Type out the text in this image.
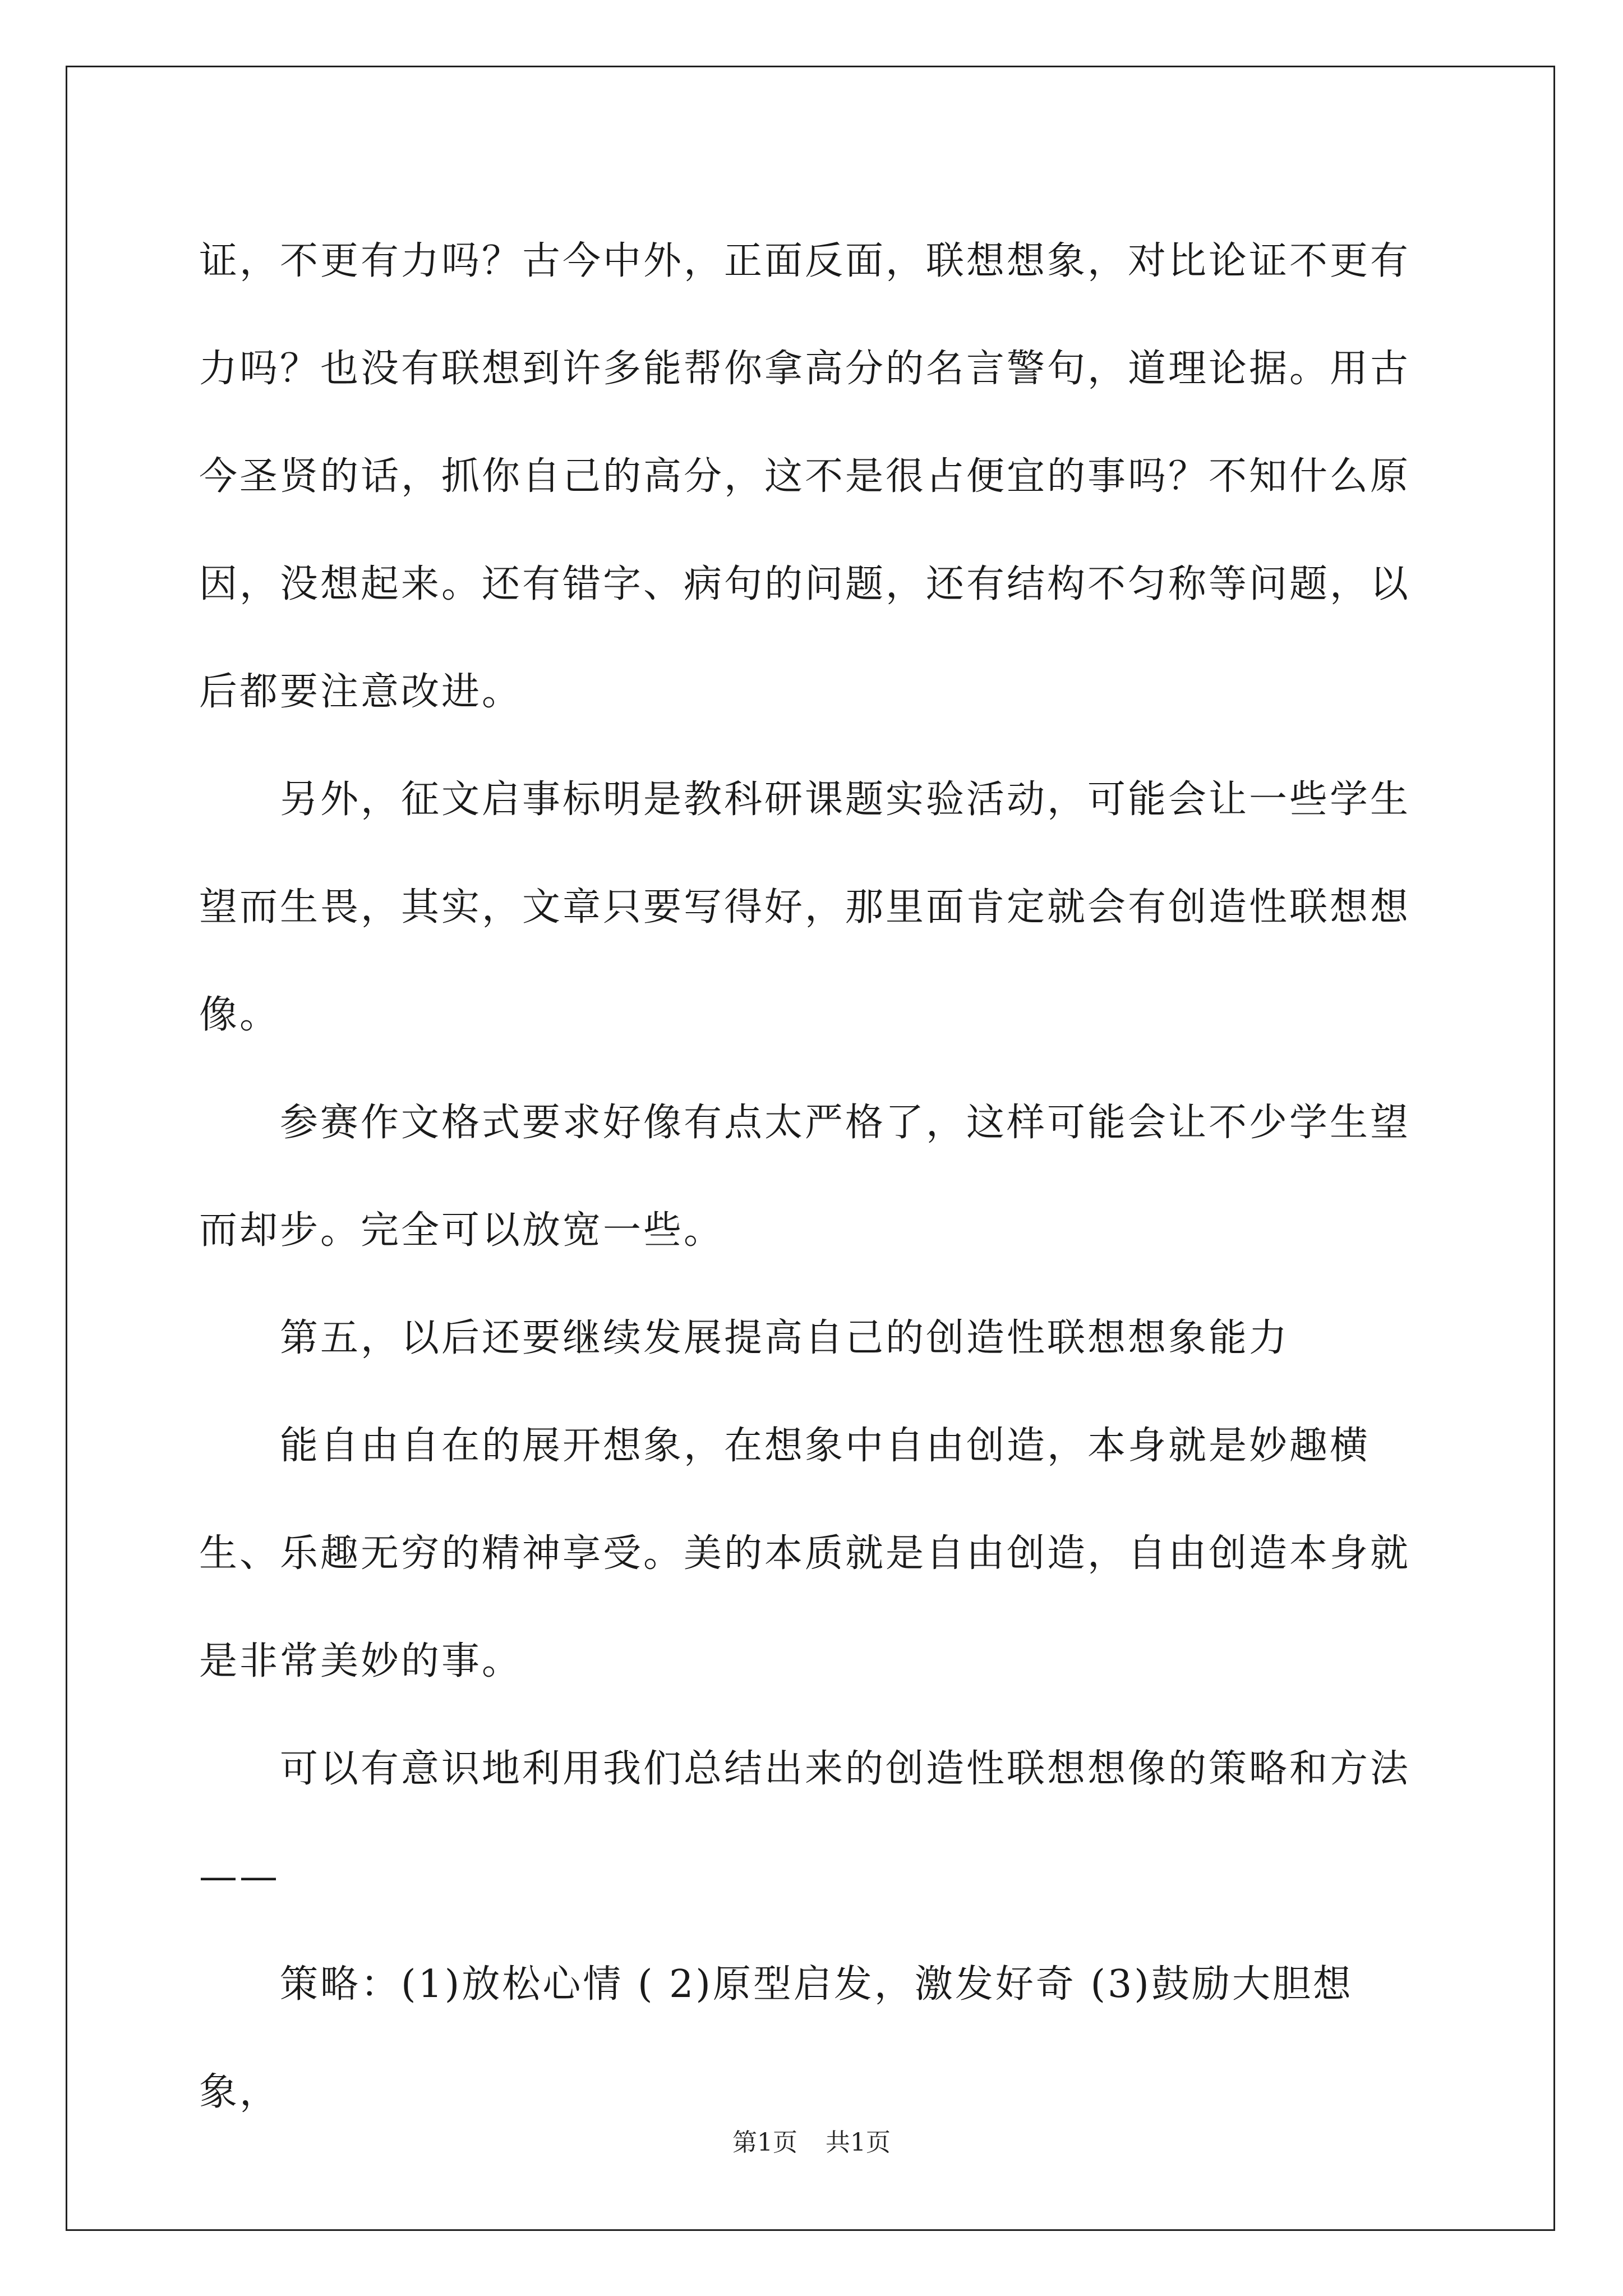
证，不更有力吗？古今中外，正面反面，联想想象，对比论证不更有力吗？也没有联想到许多能帮你拿高分的名言警句，道理论据。用古今圣贤的话，抓你自己的高分，这不是很占便宜的事吗？不知什么原因，没想起来。还有错字、病句的问题，还有结构不匀称等问题，以后都要注意改进。

另外，征文启事标明是教科研课题实验活动，可能会让一些学生望而生畏，其实，文章只要写得好，那里面肯定就会有创造性联想想像。

参赛作文格式要求好像有点太严格了，这样可能会让不少学生望而却步。完全可以放宽一些。

第五，以后还要继续发展提高自己的创造性联想想象能力

能自由自在的展开想象，在想象中自由创造，本身就是妙趣横生、乐趣无穷的精神享受。美的本质就是自由创造，自由创造本身就是非常美妙的事。

可以有意识地利用我们总结出来的创造性联想想像的策略和方法——

策略：(1)放松心情 ( 2)原型启发，激发好奇 (3)鼓励大胆想象，

第1页 共1页
